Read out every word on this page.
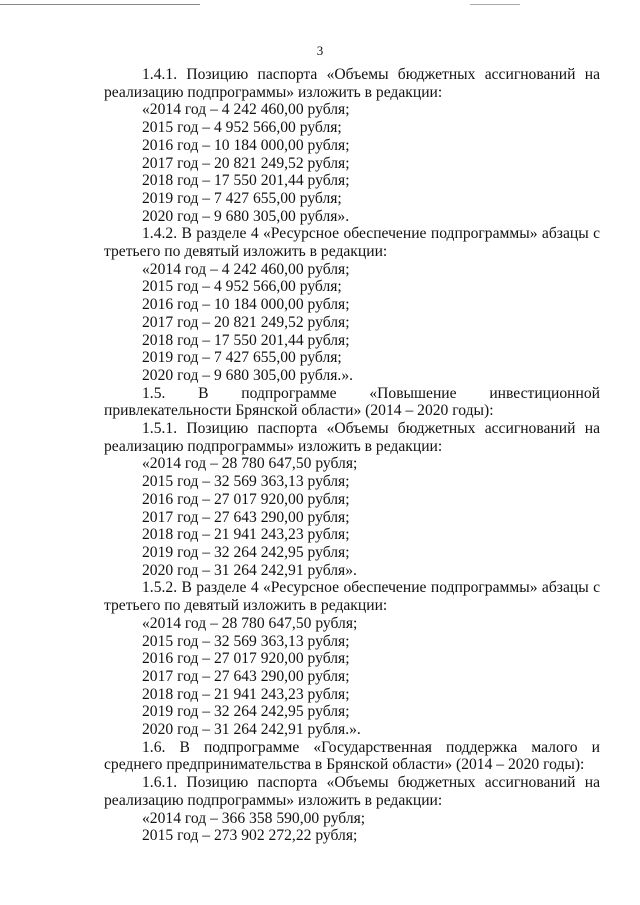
3

1.4.1. Позицию паспорта «Объемы бюджетных ассигнований на реализацию подпрограммы» изложить в редакции:

«2014 год – 4 242 460,00 рубля;

2015 год – 4 952 566,00 рубля;

2016 год – 10 184 000,00 рубля;

2017 год – 20 821 249,52 рубля;

2018 год – 17 550 201,44 рубля;

2019 год – 7 427 655,00 рубля;

2020 год – 9 680 305,00 рубля».

1.4.2. В разделе 4 «Ресурсное обеспечение подпрограммы» абзацы с третьего по девятый изложить в редакции:

«2014 год – 4 242 460,00 рубля;

2015 год – 4 952 566,00 рубля;

2016 год – 10 184 000,00 рубля;

2017 год – 20 821 249,52 рубля;

2018 год – 17 550 201,44 рубля;

2019 год – 7 427 655,00 рубля;

2020 год – 9 680 305,00 рубля.».

1.5. В подпрограмме «Повышение инвестиционной привлекательности Брянской области» (2014 – 2020 годы):

1.5.1. Позицию паспорта «Объемы бюджетных ассигнований на реализацию подпрограммы» изложить в редакции:

«2014 год – 28 780 647,50 рубля;

2015 год – 32 569 363,13 рубля;

2016 год – 27 017 920,00 рубля;

2017 год – 27 643 290,00 рубля;

2018 год – 21 941 243,23 рубля;

2019 год – 32 264 242,95 рубля;

2020 год – 31 264 242,91 рубля».

1.5.2. В разделе 4 «Ресурсное обеспечение подпрограммы» абзацы с третьего по девятый изложить в редакции:

«2014 год – 28 780 647,50 рубля;

2015 год – 32 569 363,13 рубля;

2016 год – 27 017 920,00 рубля;

2017 год – 27 643 290,00 рубля;

2018 год – 21 941 243,23 рубля;

2019 год – 32 264 242,95 рубля;

2020 год – 31 264 242,91 рубля.».

1.6. В подпрограмме «Государственная поддержка малого и среднего предпринимательства в Брянской области» (2014 – 2020 годы):

1.6.1. Позицию паспорта «Объемы бюджетных ассигнований на реализацию подпрограммы» изложить в редакции:

«2014 год – 366 358 590,00 рубля;

2015 год – 273 902 272,22 рубля;
